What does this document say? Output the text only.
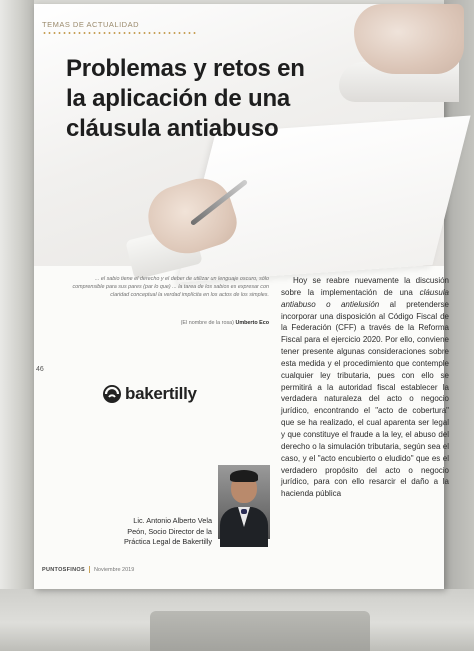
TEMAS DE ACTUALIDAD
Problemas y retos en
la aplicación de una
cláusula antiabuso
... el sabio tiene el derecho y el deber de utilizar un lenguaje oscuro, sólo comprensible para sus pares (par lo que) ... la tarea de los sabios es expresar con claridad conceptual la verdad implícita en los actos de los simples.
(El nombre de la rosa) Umberto Eco
46
bakertilly
Lic. Antonio Alberto Vela
Peón, Socio Director de la
Práctica Legal de Bakertilly

Hoy se reabre nuevamente la discusión sobre la implementación de una cláusula antiabuso o antielusión al pretenderse incorporar una disposición al Código Fiscal de la Federación (CFF) a través de la Reforma Fiscal para el ejercicio 2020. Por ello, conviene tener presente algunas consideraciones sobre esta medida y el procedimiento que contemple cualquier ley tributaria, pues con ello se permitirá a la autoridad fiscal establecer la verdadera naturaleza del acto o negocio jurídico, encontrando el "acto de cobertura" que se ha realizado, el cual aparenta ser legal y que constituye el fraude a la ley, el abuso del derecho o la simulación tributaria, según sea el caso, y el "acto encubierto o eludido" que es el verdadero propósito del acto o negocio jurídico, para con ello resarcir el daño a la hacienda pública

PUNTOSFINOS Noviembre 2019
